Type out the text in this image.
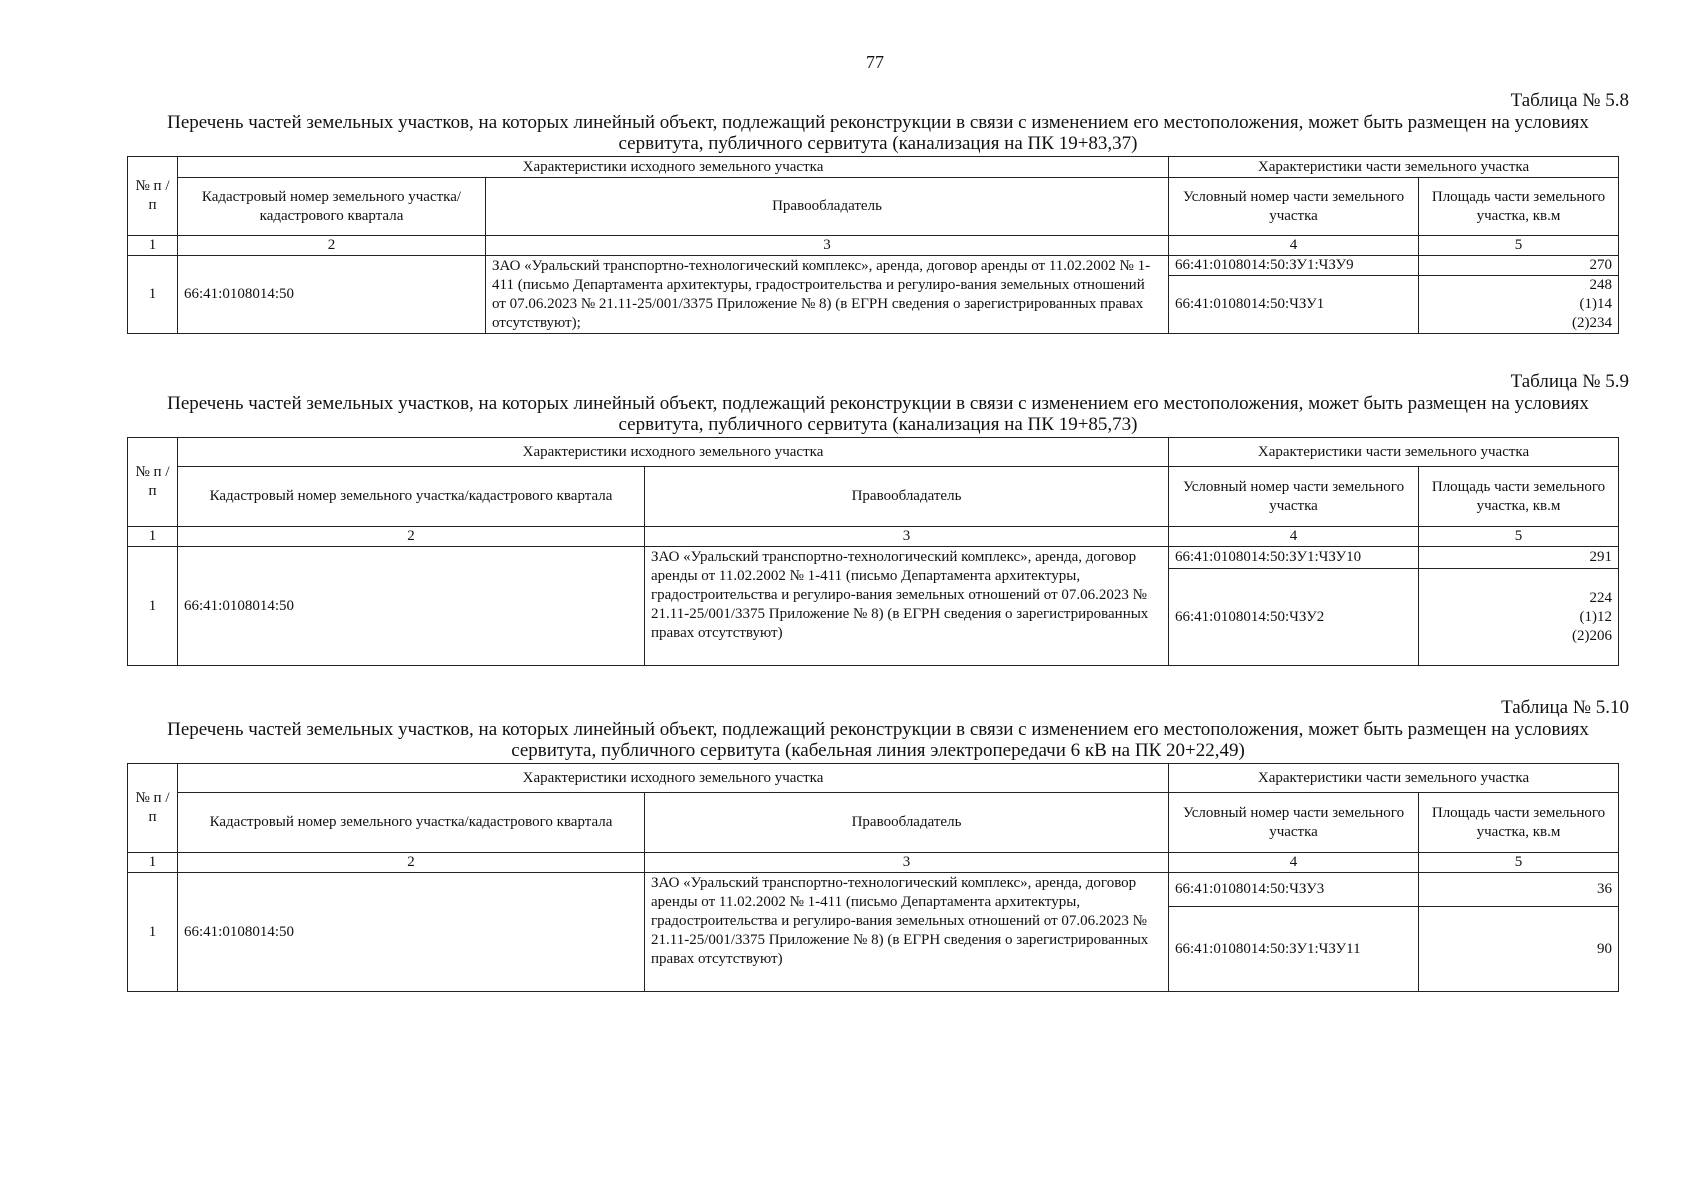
77
Таблица № 5.8
Перечень частей земельных участков, на которых линейный объект, подлежащий реконструкции в связи с изменением его местоположения, может быть размещен на условиях
сервитута, публичного сервитута (канализация на ПК 19+83,37)
№ п /п	Характеристики исходного земельного участка		Характеристики части земельного участка	
	Кадастровый номер земельного участка/кадастрового квартала	Правообладатель	Условный номер части земельного участка	Площадь части земельного участка, кв.м
1	2	3	4	5
1	66:41:0108014:50	ЗАО «Уральский транспортно-технологический комплекс», аренда, договор аренды от 11.02.2002 № 1-411 (письмо Департамента архитектуры, градостроительства и регулиро-вания земельных отношений от 07.06.2023 № 21.11-25/001/3375 Приложение № 8) (в ЕГРН сведения о зарегистрированных правах отсутствуют);	66:41:0108014:50:ЗУ1:ЧЗУ9	270
			66:41:0108014:50:ЧЗУ1	248
(1)14
(2)234
Таблица № 5.9
Перечень частей земельных участков, на которых линейный объект, подлежащий реконструкции в связи с изменением его местоположения, может быть размещен на условиях
сервитута, публичного сервитута (канализация на ПК 19+85,73)
№ п /п	Характеристики исходного земельного участка		Характеристики части земельного участка	
	Кадастровый номер земельного участка/кадастрового квартала	Правообладатель	Условный номер части земельного участка	Площадь части земельного участка, кв.м
1	2	3	4	5
1	66:41:0108014:50	ЗАО «Уральский транспортно-технологический комплекс», аренда, договор аренды от 11.02.2002 № 1-411 (письмо Департамента архитектуры, градостроительства и регулиро-вания земельных отношений от 07.06.2023 № 21.11-25/001/3375 Приложение № 8) (в ЕГРН сведения о зарегистрированных правах отсутствуют)	66:41:0108014:50:ЗУ1:ЧЗУ10	291
			66:41:0108014:50:ЧЗУ2	224
(1)12
(2)206
Таблица № 5.10
Перечень частей земельных участков, на которых линейный объект, подлежащий реконструкции в связи с изменением его местоположения, может быть размещен на условиях
сервитута, публичного сервитута (кабельная линия электропередачи 6 кВ на ПК 20+22,49)
№ п /п	Характеристики исходного земельного участка		Характеристики части земельного участка	
	Кадастровый номер земельного участка/кадастрового квартала	Правообладатель	Условный номер части земельного участка	Площадь части земельного участка, кв.м
1	2	3	4	5
1	66:41:0108014:50	ЗАО «Уральский транспортно-технологический комплекс», аренда, договор аренды от 11.02.2002 № 1-411 (письмо Департамента архитектуры, градостроительства и регулиро-вания земельных отношений от 07.06.2023 № 21.11-25/001/3375 Приложение № 8) (в ЕГРН сведения о зарегистрированных правах отсутствуют)	66:41:0108014:50:ЧЗУ3	36
			66:41:0108014:50:ЗУ1:ЧЗУ11	90
